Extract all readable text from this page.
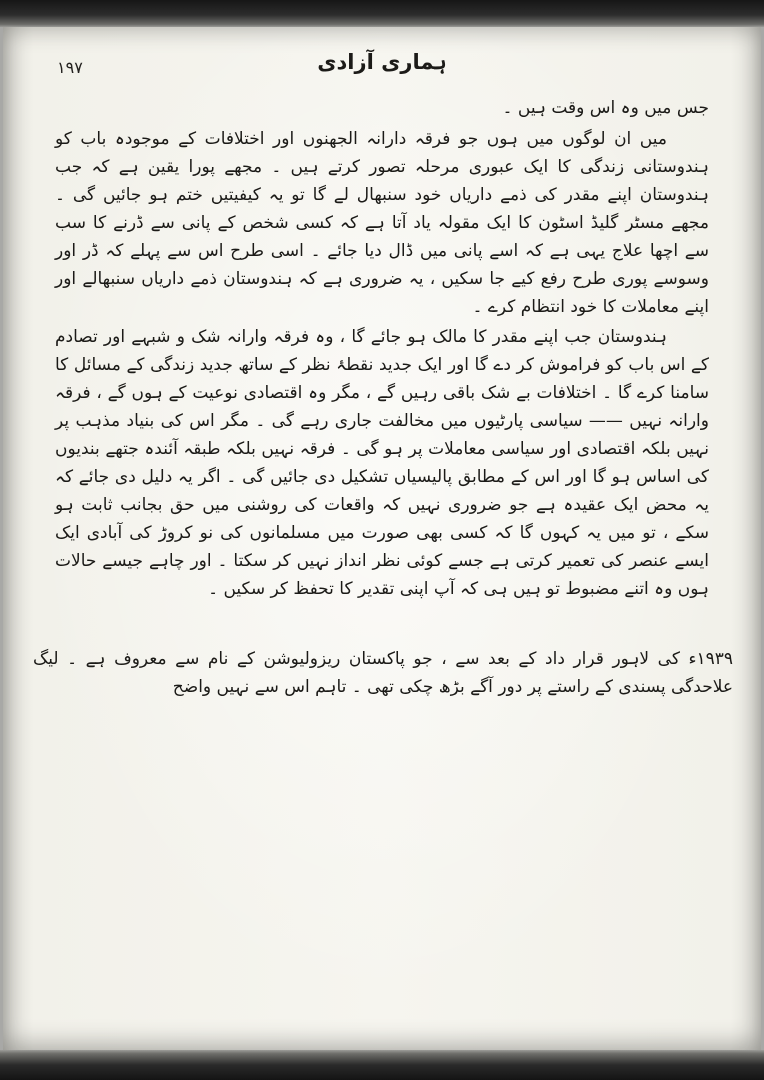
۱۹۷	ہماری آزادی

جس میں وہ اس وقت ہیں ۔

میں ان لوگوں میں ہوں جو فرقہ دارانہ الجھنوں اور اختلافات کے موجودہ باب کو ہندوستانی زندگی کا ایک عبوری مرحلہ تصور کرتے ہیں ۔ مجھے پورا یقین ہے کہ جب ہندوستان اپنے مقدر کی ذمے داریاں خود سنبھال لے گا تو یہ کیفیتیں ختم ہو جائیں گی ۔ مجھے مسٹر گلیڈ اسٹون کا ایک مقولہ یاد آتا ہے کہ کسی شخص کے پانی سے ڈرنے کا سب سے اچھا علاج یہی ہے کہ اسے پانی میں ڈال دیا جائے ۔ اسی طرح اس سے پہلے کہ ڈر اور وسوسے پوری طرح رفع کیے جا سکیں ، یہ ضروری ہے کہ ہندوستان ذمے داریاں سنبھالے اور اپنے معاملات کا خود انتظام کرے ۔

ہندوستان جب اپنے مقدر کا مالک ہو جائے گا ، وہ فرقہ وارانہ شک و شبہے اور تصادم کے اس باب کو فراموش کر دے گا اور ایک جدید نقطۂ نظر کے ساتھ جدید زندگی کے مسائل کا سامنا کرے گا ۔ اختلافات بے شک باقی رہیں گے ، مگر وہ اقتصادی نوعیت کے ہوں گے ، فرقہ وارانہ نہیں —— سیاسی پارٹیوں میں مخالفت جاری رہے گی ۔ مگر اس کی بنیاد مذہب پر نہیں بلکہ اقتصادی اور سیاسی معاملات پر ہو گی ۔ فرقہ نہیں بلکہ طبقہ آئندہ جتھے بندیوں کی اساس ہو گا اور اس کے مطابق پالیسیاں تشکیل دی جائیں گی ۔ اگر یہ دلیل دی جائے کہ یہ محض ایک عقیدہ ہے جو ضروری نہیں کہ واقعات کی روشنی میں حق بجانب ثابت ہو سکے ، تو میں یہ کہوں گا کہ کسی بھی صورت میں مسلمانوں کی نو کروڑ کی آبادی ایک ایسے عنصر کی تعمیر کرتی ہے جسے کوئی نظر انداز نہیں کر سکتا ۔ اور چاہے جیسے حالات ہوں وہ اتنے مضبوط تو ہیں ہی کہ آپ اپنی تقدیر کا تحفظ کر سکیں ۔

۱۹۳۹ء کی لاہور قرار داد کے بعد سے ، جو پاکستان ریزولیوشن کے نام سے معروف ہے ۔ لیگ علاحدگی پسندی کے راستے پر دور آگے بڑھ چکی تھی ۔ تاہم اس سے نہیں واضح
